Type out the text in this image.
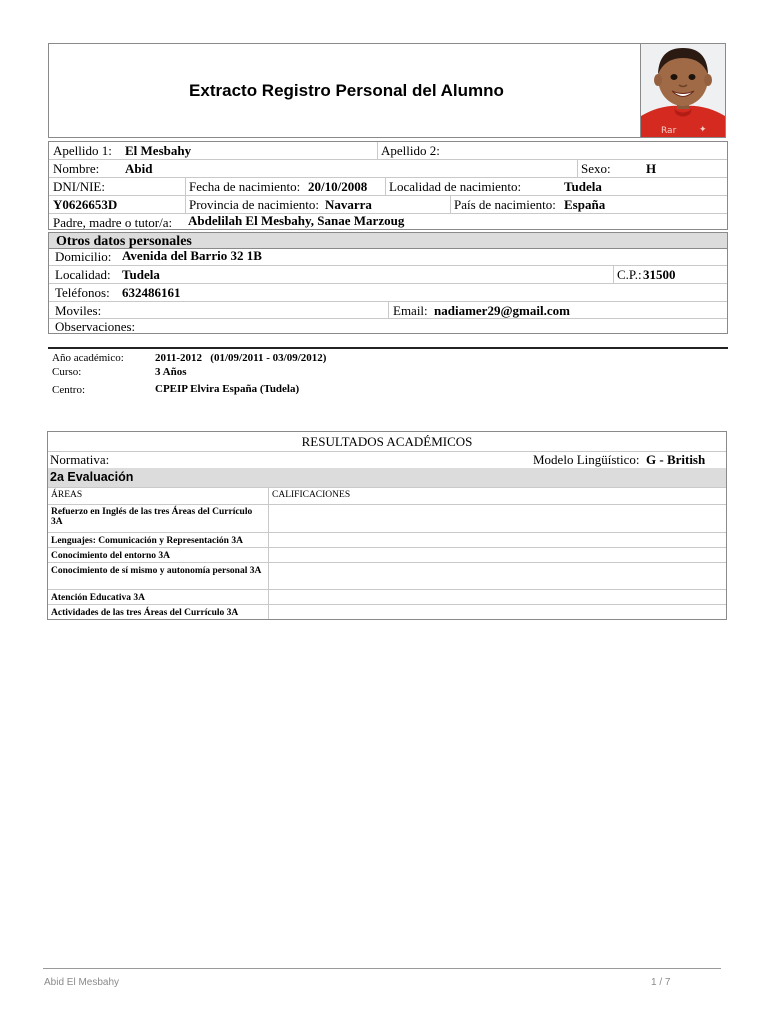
Extracto Registro Personal del Alumno
Rar	✦
Apellido 1: El Mesbahy	Apellido 2:
Nombre: Abid	Sexo:	H
DNI/NIE:	Fecha de nacimiento: 20/10/2008 Localidad de nacimiento:	Tudela
Y0626653D	Provincia de nacimiento: Navarra	País de nacimiento: España
Padre, madre o tutor/a: Abdelilah El Mesbahy, Sanae Marzoug
Otros datos personales
Domicilio: Avenida del Barrio 32 1B
Localidad: Tudela	C.P.: 31500
Teléfonos: 632486161
Moviles:	Email: nadiamer29@gmail.com
Observaciones:
Año académico:	2011-2012   (01/09/2011 - 03/09/2012)
Curso:	3 Años
Centro:	CPEIP Elvira España (Tudela)
RESULTADOS ACADÉMICOS
Normativa:	Modelo Lingüístico: G - British
2a Evaluación
ÁREAS	CALIFICACIONES
Refuerzo en Inglés de las tres Áreas del Currículo 3A
Lenguajes: Comunicación y Representación 3A
Conocimiento del entorno 3A
Conocimiento de sí mismo y autonomía personal 3A
Atención Educativa 3A
Actividades de las tres Áreas del Currículo 3A
Abid El Mesbahy	1 / 7
